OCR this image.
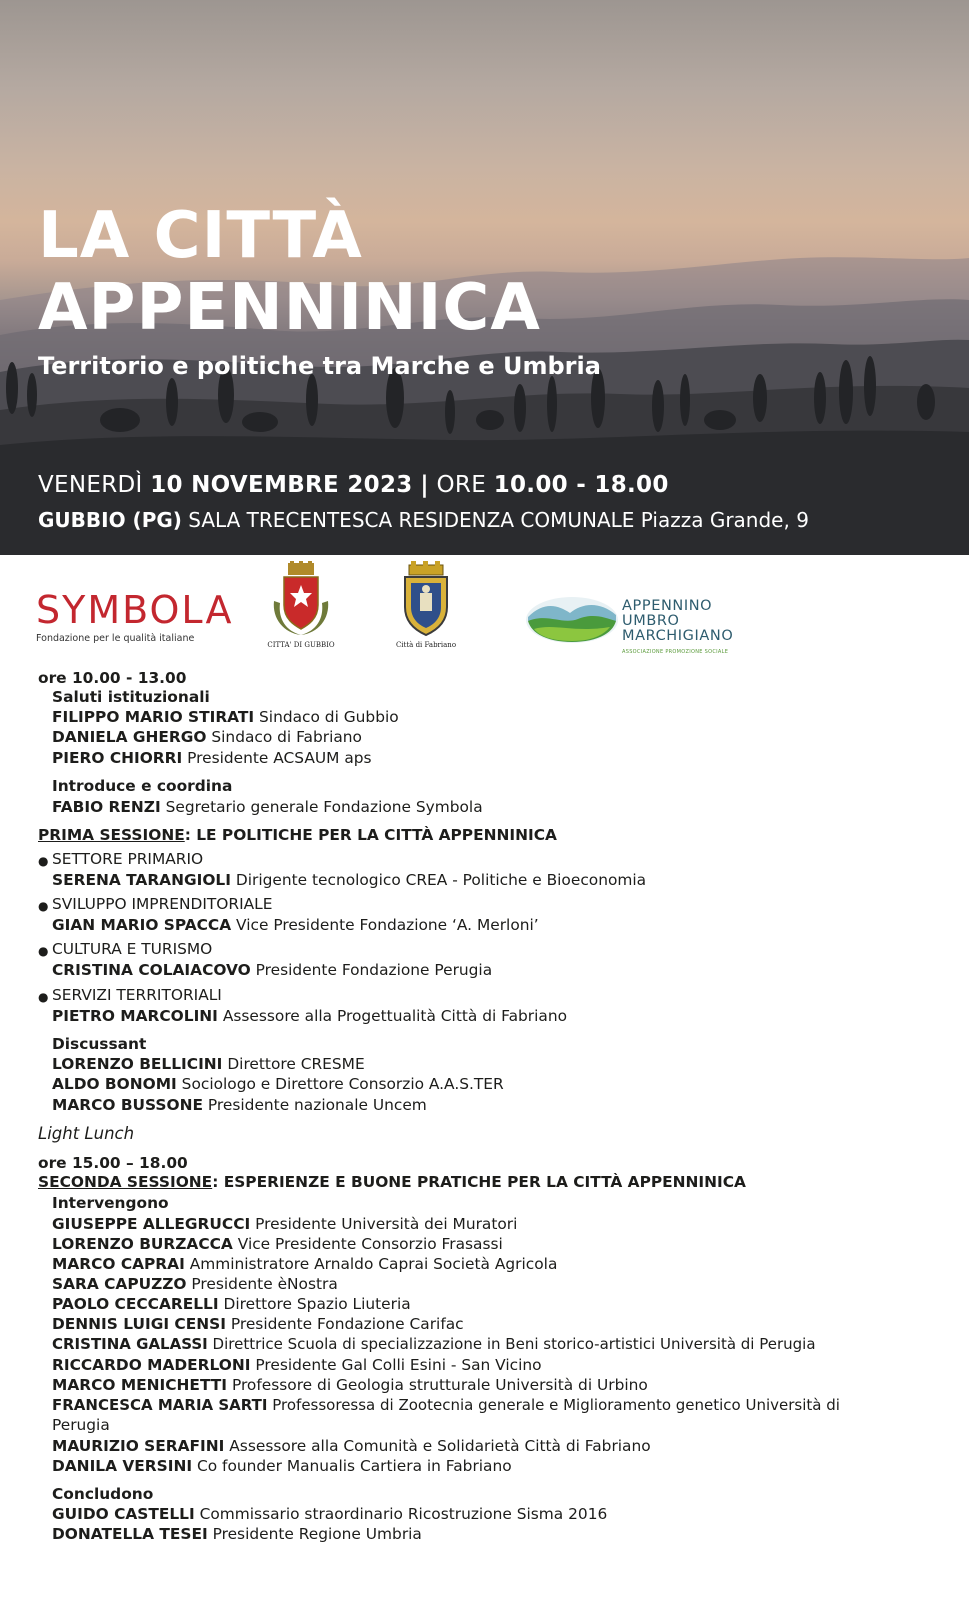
LA CITTÀ
APPENNINICA
Territorio e politiche tra Marche e Umbria
VENERDÌ 10 NOVEMBRE 2023 | ORE 10.00 - 18.00
GUBBIO (PG) SALA TRECENTESCA RESIDENZA COMUNALE Piazza Grande, 9
SYMBOLA
Fondazione per le qualità italiane
CITTA' DI GUBBIO	Città di Fabriano
APPENNINO
UMBRO
MARCHIGIANO
ASSOCIAZIONE PROMOZIONE SOCIALE
ore 10.00 - 13.00
Saluti istituzionali
FILIPPO MARIO STIRATI Sindaco di Gubbio
DANIELA GHERGO Sindaco di Fabriano
PIERO CHIORRI Presidente ACSAUM aps
Introduce e coordina
FABIO RENZI Segretario generale Fondazione Symbola
PRIMA SESSIONE: LE POLITICHE PER LA CITTÀ APPENNINICA
● SETTORE PRIMARIO
SERENA TARANGIOLI Dirigente tecnologico CREA - Politiche e Bioeconomia
● SVILUPPO IMPRENDITORIALE
GIAN MARIO SPACCA Vice Presidente Fondazione ‘A. Merloni’
● CULTURA E TURISMO
CRISTINA COLAIACOVO Presidente Fondazione Perugia
● SERVIZI TERRITORIALI
PIETRO MARCOLINI Assessore alla Progettualità Città di Fabriano
Discussant
LORENZO BELLICINI Direttore CRESME
ALDO BONOMI Sociologo e Direttore Consorzio A.A.S.TER
MARCO BUSSONE Presidente nazionale Uncem
Light Lunch
ore 15.00 – 18.00
SECONDA SESSIONE: ESPERIENZE E BUONE PRATICHE PER LA CITTÀ APPENNINICA
Intervengono
GIUSEPPE ALLEGRUCCI Presidente Università dei Muratori
LORENZO BURZACCA Vice Presidente Consorzio Frasassi
MARCO CAPRAI Amministratore Arnaldo Caprai Società Agricola
SARA CAPUZZO Presidente èNostra
PAOLO CECCARELLI Direttore Spazio Liuteria
DENNIS LUIGI CENSI Presidente Fondazione Carifac
CRISTINA GALASSI Direttrice Scuola di specializzazione in Beni storico-artistici Università di Perugia
RICCARDO MADERLONI Presidente Gal Colli Esini - San Vicino
MARCO MENICHETTI Professore di Geologia strutturale Università di Urbino
FRANCESCA MARIA SARTI Professoressa di Zootecnia generale e Miglioramento genetico Università di
Perugia
MAURIZIO SERAFINI Assessore alla Comunità e Solidarietà Città di Fabriano
DANILA VERSINI Co founder Manualis Cartiera in Fabriano
Concludono
GUIDO CASTELLI Commissario straordinario Ricostruzione Sisma 2016
DONATELLA TESEI Presidente Regione Umbria
